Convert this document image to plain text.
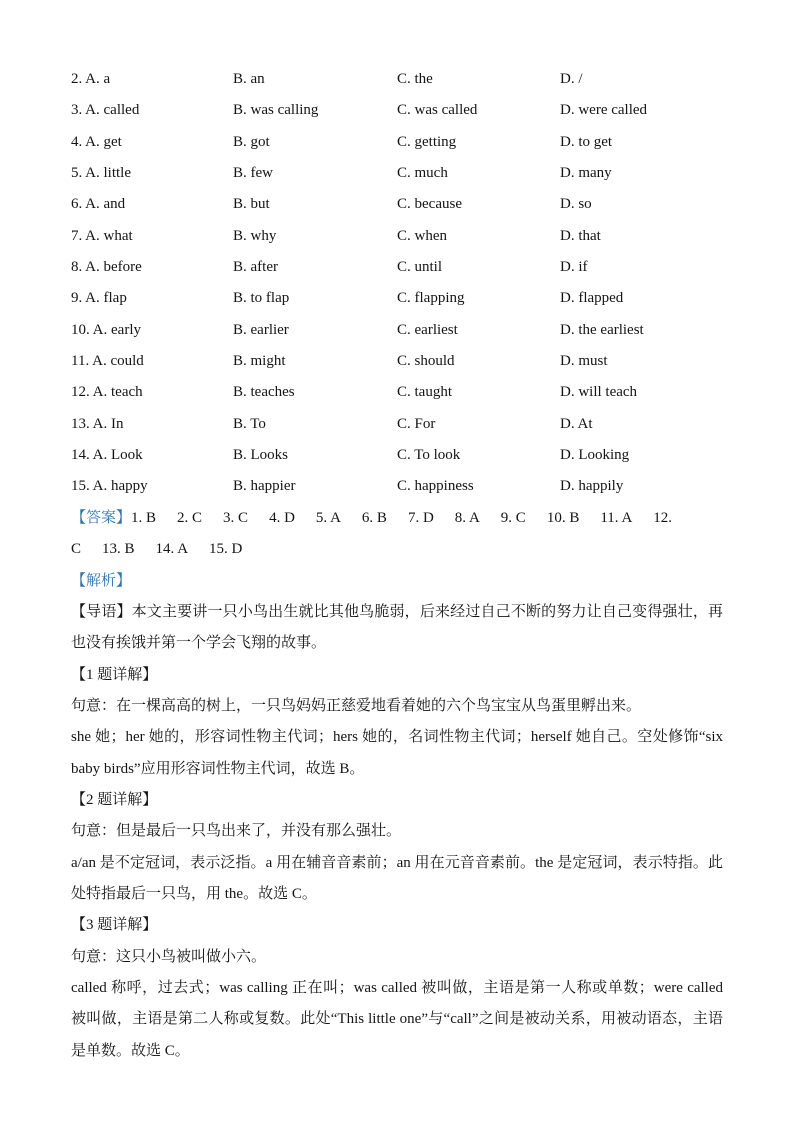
2. A. a	B. an	C. the	D. /
3. A. called	B. was calling	C. was called	D. were called
4. A. get	B. got	C. getting	D. to get
5. A. little	B. few	C. much	D. many
6. A. and	B. but	C. because	D. so
7. A. what	B. why	C. when	D. that
8. A. before	B. after	C. until	D. if
9. A. flap	B. to flap	C. flapping	D. flapped
10. A. early	B. earlier	C. earliest	D. the earliest
11. A. could	B. might	C. should	D. must
12. A. teach	B. teaches	C. taught	D. will teach
13. A. In	B. To	C. For	D. At
14. A. Look	B. Looks	C. To look	D. Looking
15. A. happy	B. happier	C. happiness	D. happily
【答案】1. B 2. C 3. C 4. D 5. A 6. B 7. D 8. A 9. C 10. B 11. A 12.
C 13. B 14. A 15. D
【解析】
【导语】本文主要讲一只小鸟出生就比其他鸟脆弱，后来经过自己不断的努力让自己变得强壮，再也没有挨饿并第一个学会飞翔的故事。
【1 题详解】
句意：在一棵高高的树上，一只鸟妈妈正慈爱地看着她的六个鸟宝宝从鸟蛋里孵出来。
she 她；her 她的，形容词性物主代词；hers 她的，名词性物主代词；herself 她自己。空处修饰“six baby birds”应用形容词性物主代词，故选 B。
【2 题详解】
句意：但是最后一只鸟出来了，并没有那么强壮。
a/an 是不定冠词，表示泛指。a 用在辅音音素前；an 用在元音音素前。the 是定冠词，表示特指。此处特指最后一只鸟，用 the。故选 C。
【3 题详解】
句意：这只小鸟被叫做小六。
called 称呼，过去式；was calling 正在叫；was called 被叫做，主语是第一人称或单数；were called 被叫做，主语是第二人称或复数。此处“This little one”与“call”之间是被动关系，用被动语态，主语是单数。故选 C。
